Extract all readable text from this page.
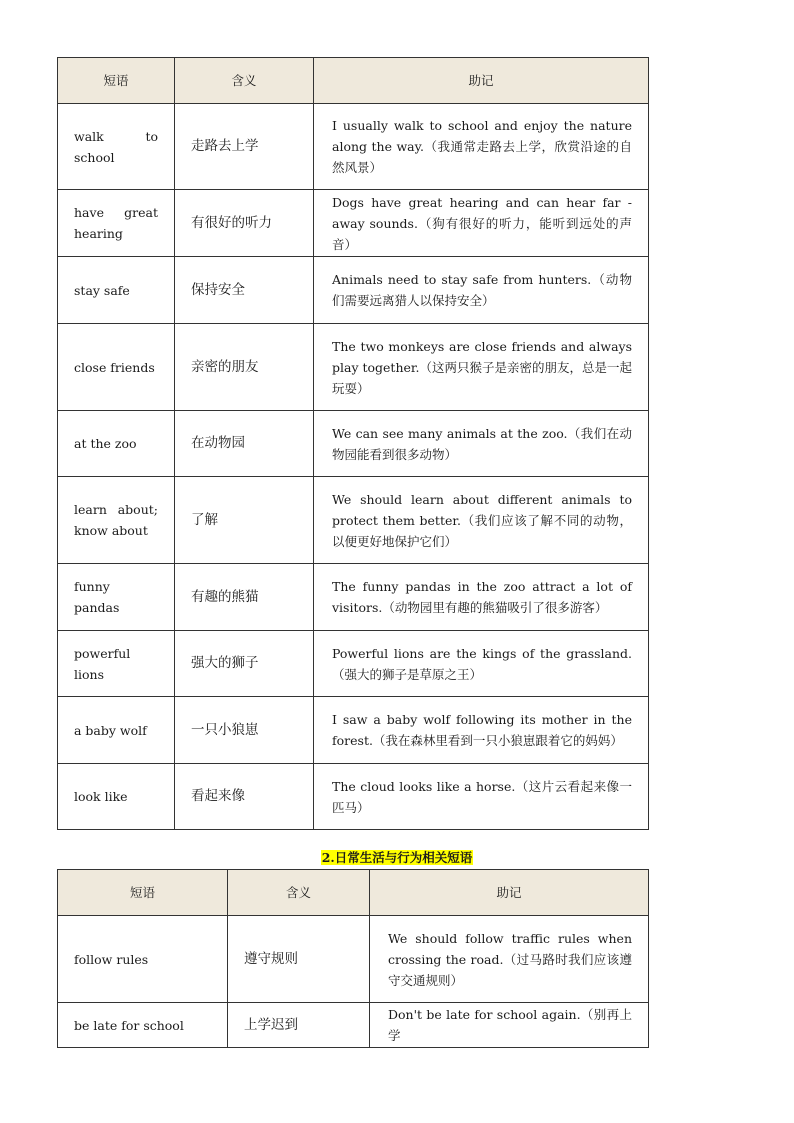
短语	含义	助记
walk to school	走路去上学	I usually walk to school and enjoy the nature along the way.（我通常走路去上学，欣赏沿途的自然风景）
have great hearing	有很好的听力	Dogs have great hearing and can hear far - away sounds.（狗有很好的听力，能听到远处的声音）
stay safe	保持安全	Animals need to stay safe from hunters.（动物们需要远离猎人以保持安全）
close friends	亲密的朋友	The two monkeys are close friends and always play together.（这两只猴子是亲密的朋友，总是一起玩耍）
at the zoo	在动物园	We can see many animals at the zoo.（我们在动物园能看到很多动物）
learn about; know about	了解	We should learn about different animals to protect them better.（我们应该了解不同的动物，以便更好地保护它们）
funny pandas	有趣的熊猫	The funny pandas in the zoo attract a lot of visitors.（动物园里有趣的熊猫吸引了很多游客）
powerful lions	强大的狮子	Powerful lions are the kings of the grassland.（强大的狮子是草原之王）
a baby wolf	一只小狼崽	I saw a baby wolf following its mother in the forest.（我在森林里看到一只小狼崽跟着它的妈妈）
look like	看起来像	The cloud looks like a horse.（这片云看起来像一匹马）
2.日常生活与行为相关短语
短语	含义	助记
follow rules	遵守规则	We should follow traffic rules when crossing the road.（过马路时我们应该遵守交通规则）
be late for school	上学迟到	Don't be late for school again.（别再上学
